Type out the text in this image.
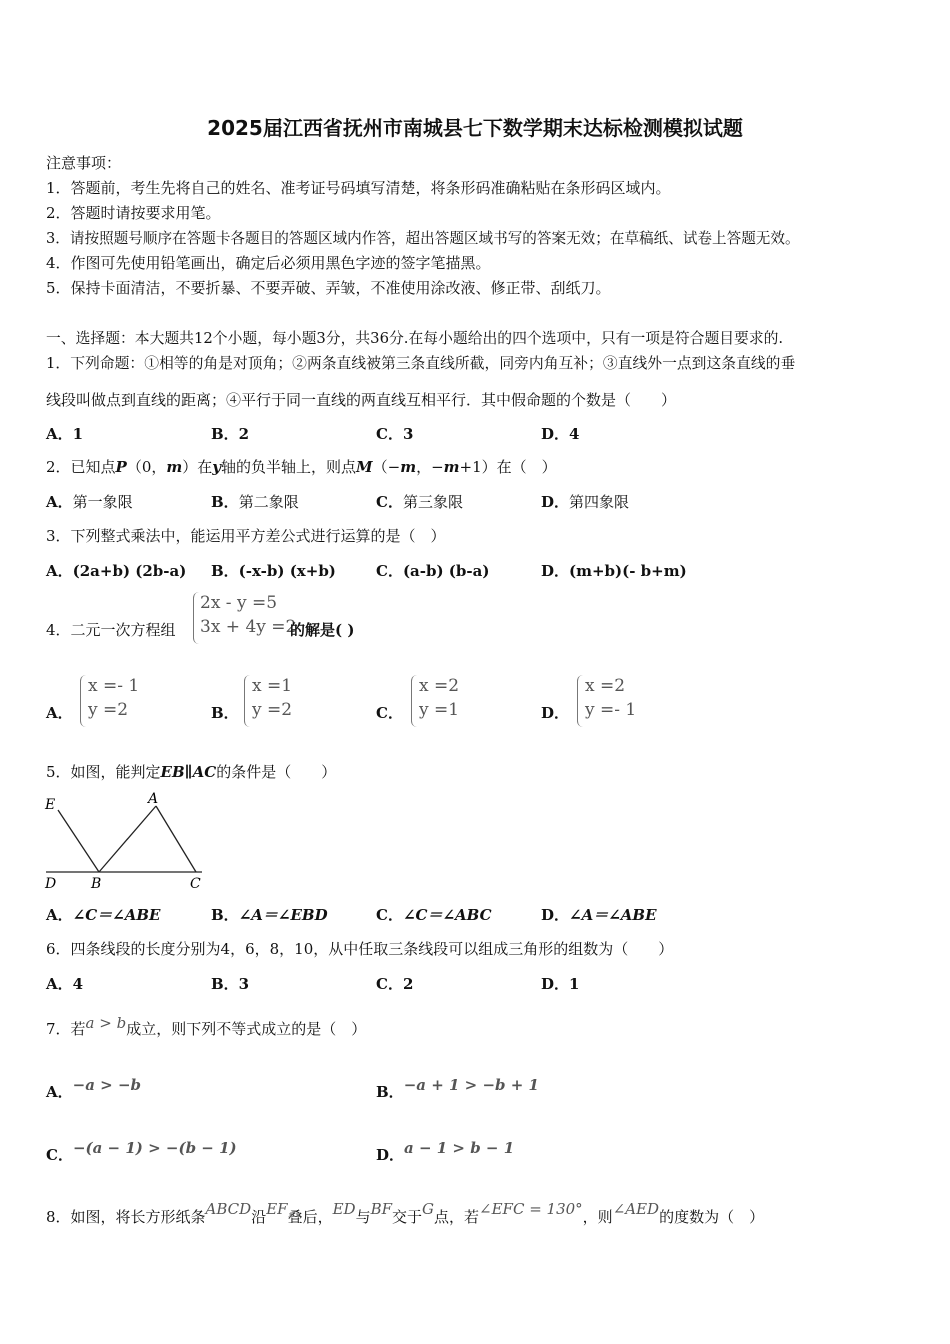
2025届江西省抚州市南城县七下数学期末达标检测模拟试题
注意事项：
1．答题前，考生先将自己的姓名、准考证号码填写清楚，将条形码准确粘贴在条形码区域内。
2．答题时请按要求用笔。
3．请按照题号顺序在答题卡各题目的答题区域内作答，超出答题区域书写的答案无效；在草稿纸、试卷上答题无效。
4．作图可先使用铅笔画出，确定后必须用黑色字迹的签字笔描黑。
5．保持卡面清洁，不要折暴、不要弄破、弄皱，不准使用涂改液、修正带、刮纸刀。
一、选择题：本大题共12个小题，每小题3分，共36分.在每小题给出的四个选项中，只有一项是符合题目要求的.
1．下列命题：①相等的角是对顶角；②两条直线被第三条直线所截，同旁内角互补；③直线外一点到这条直线的垂
线段叫做点到直线的距离；④平行于同一直线的两直线互相平行．其中假命题的个数是（　　）
A．1	B．2	C．3	D．4
2．已知点P（0，m）在y轴的负半轴上，则点M（−m，−m+1）在（　）
A．第一象限	B．第二象限	C．第三象限	D．第四象限
3．下列整式乘法中，能运用平方差公式进行运算的是（　）
A．(2a+b) (2b-a) B．(-x-b) (x+b)	C．(a-b) (b-a)	D．(m+b)(- b+m)
4．二元一次方程组
2x - y =5
3x + 4y =2
的解是( )
A．
x =- 1
y =2	B．
x =1
y =2	C．
x =2
y =1	D．
x =2
y =- 1
5．如图，能判定EB∥AC的条件是（　　）
E	A
D B	C
A．∠C＝∠ABE	B．∠A＝∠EBD	C．∠C＝∠ABC	D．∠A＝∠ABE
6．四条线段的长度分别为4，6，8，10，从中任取三条线段可以组成三角形的组数为（　　）
A．4	B．3	C．2	D．1
7．若a > b成立，则下列不等式成立的是（　）
A．−a > −b	B．−a + 1 > −b + 1
C．−(a − 1) > −(b − 1)	D．a − 1 > b − 1
8．如图，将长方形纸条ABCD沿EF叠后，ED与BF交于G点，若∠EFC = 130°，则∠AED的度数为（　）
